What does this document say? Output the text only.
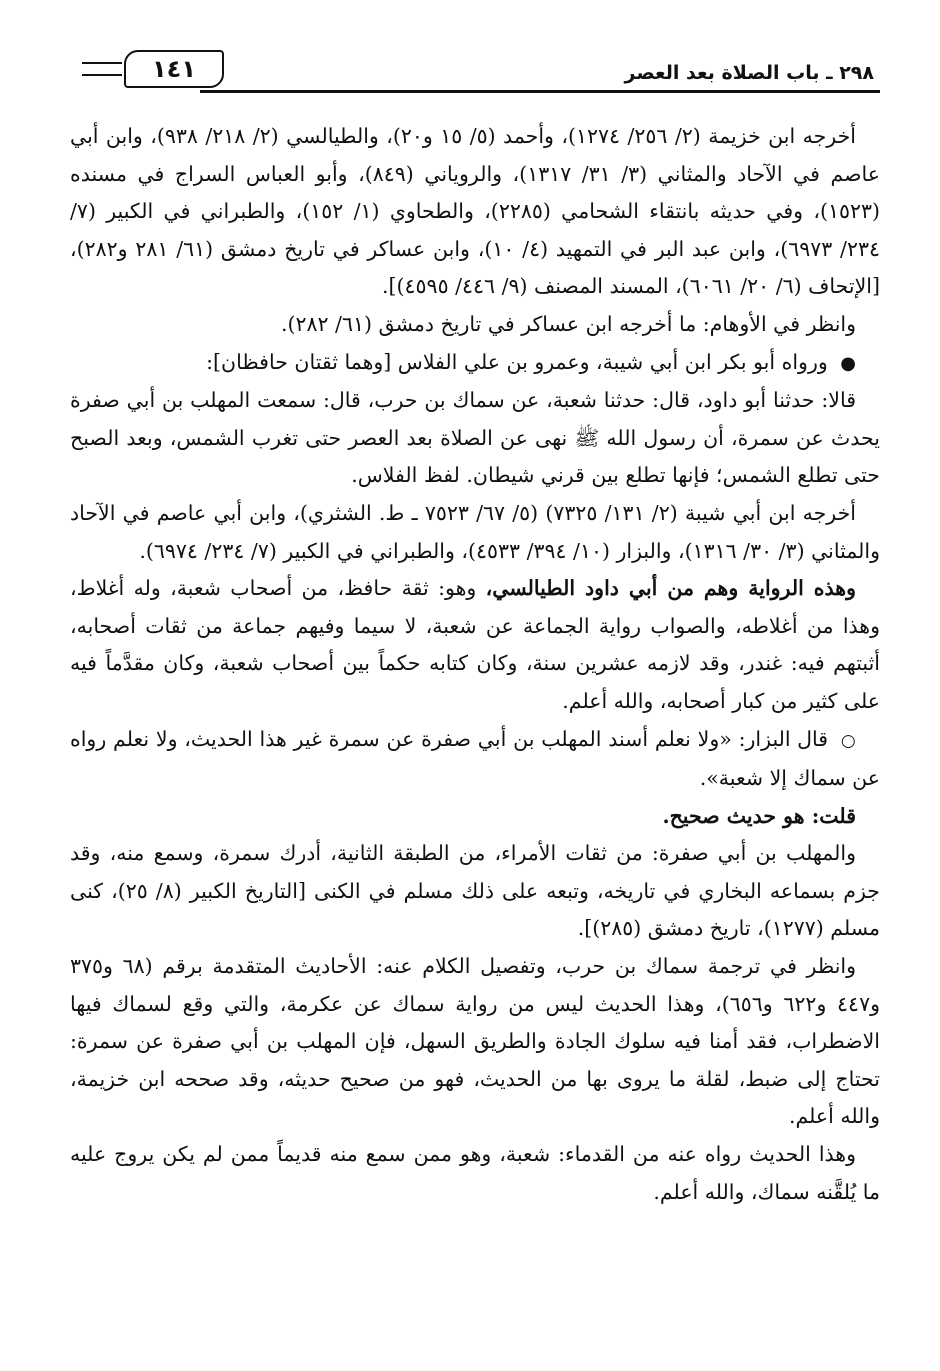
٢٩٨ ـ باب الصلاة بعد العصر
١٤١

أخرجه ابن خزيمة (٢/ ٢٥٦/ ١٢٧٤)، وأحمد (٥/ ١٥ و٢٠)، والطيالسي (٢/ ٢١٨/ ٩٣٨)، وابن أبي عاصم في الآحاد والمثاني (٣/ ٣١/ ١٣١٧)، والروياني (٨٤٩)، وأبو العباس السراج في مسنده (١٥٢٣)، وفي حديثه بانتقاء الشحامي (٢٢٨٥)، والطحاوي (١/ ١٥٢)، والطبراني في الكبير (٧/ ٢٣٤/ ٦٩٧٣)، وابن عبد البر في التمهيد (٤/ ١٠)، وابن عساكر في تاريخ دمشق (٦١/ ٢٨١ و٢٨٢)، [الإتحاف (٦/ ٢٠/ ٦٠٦١)، المسند المصنف (٩/ ٤٤٦/ ٤٥٩٥)].

وانظر في الأوهام: ما أخرجه ابن عساكر في تاريخ دمشق (٦١/ ٢٨٢).

● ورواه أبو بكر ابن أبي شيبة، وعمرو بن علي الفلاس [وهما ثقتان حافظان]:

قالا: حدثنا أبو داود، قال: حدثنا شعبة، عن سماك بن حرب، قال: سمعت المهلب بن أبي صفرة يحدث عن سمرة، أن رسول الله ﷺ نهى عن الصلاة بعد العصر حتى تغرب الشمس، وبعد الصبح حتى تطلع الشمس؛ فإنها تطلع بين قرني شيطان. لفظ الفلاس.

أخرجه ابن أبي شيبة (٢/ ١٣١/ ٧٣٢٥) (٥/ ٦٧/ ٧٥٢٣ ـ ط. الشثري)، وابن أبي عاصم في الآحاد والمثاني (٣/ ٣٠/ ١٣١٦)، والبزار (١٠/ ٣٩٤/ ٤٥٣٣)، والطبراني في الكبير (٧/ ٢٣٤/ ٦٩٧٤).

وهذه الرواية وهم من أبي داود الطيالسي، وهو: ثقة حافظ، من أصحاب شعبة، وله أغلاط، وهذا من أغلاطه، والصواب رواية الجماعة عن شعبة، لا سيما وفيهم جماعة من ثقات أصحابه، أثبتهم فيه: غندر، وقد لازمه عشرين سنة، وكان كتابه حكماً بين أصحاب شعبة، وكان مقدَّماً فيه على كثير من كبار أصحابه، والله أعلم.

○ قال البزار: «ولا نعلم أسند المهلب بن أبي صفرة عن سمرة غير هذا الحديث، ولا نعلم رواه عن سماك إلا شعبة».

قلت: هو حديث صحيح.

والمهلب بن أبي صفرة: من ثقات الأمراء، من الطبقة الثانية، أدرك سمرة، وسمع منه، وقد جزم بسماعه البخاري في تاريخه، وتبعه على ذلك مسلم في الكنى [التاريخ الكبير (٨/ ٢٥)، كنى مسلم (١٢٧٧)، تاريخ دمشق (٢٨٥)].

وانظر في ترجمة سماك بن حرب، وتفصيل الكلام عنه: الأحاديث المتقدمة برقم (٦٨ و٣٧٥ و٤٤٧ و٦٢٢ و٦٥٦)، وهذا الحديث ليس من رواية سماك عن عكرمة، والتي وقع لسماك فيها الاضطراب، فقد أمنا فيه سلوك الجادة والطريق السهل، فإن المهلب بن أبي صفرة عن سمرة: تحتاج إلى ضبط، لقلة ما يروى بها من الحديث، فهو من صحيح حديثه، وقد صححه ابن خزيمة، والله أعلم.

وهذا الحديث رواه عنه من القدماء: شعبة، وهو ممن سمع منه قديماً ممن لم يكن يروج عليه ما يُلقَّنه سماك، والله أعلم.
